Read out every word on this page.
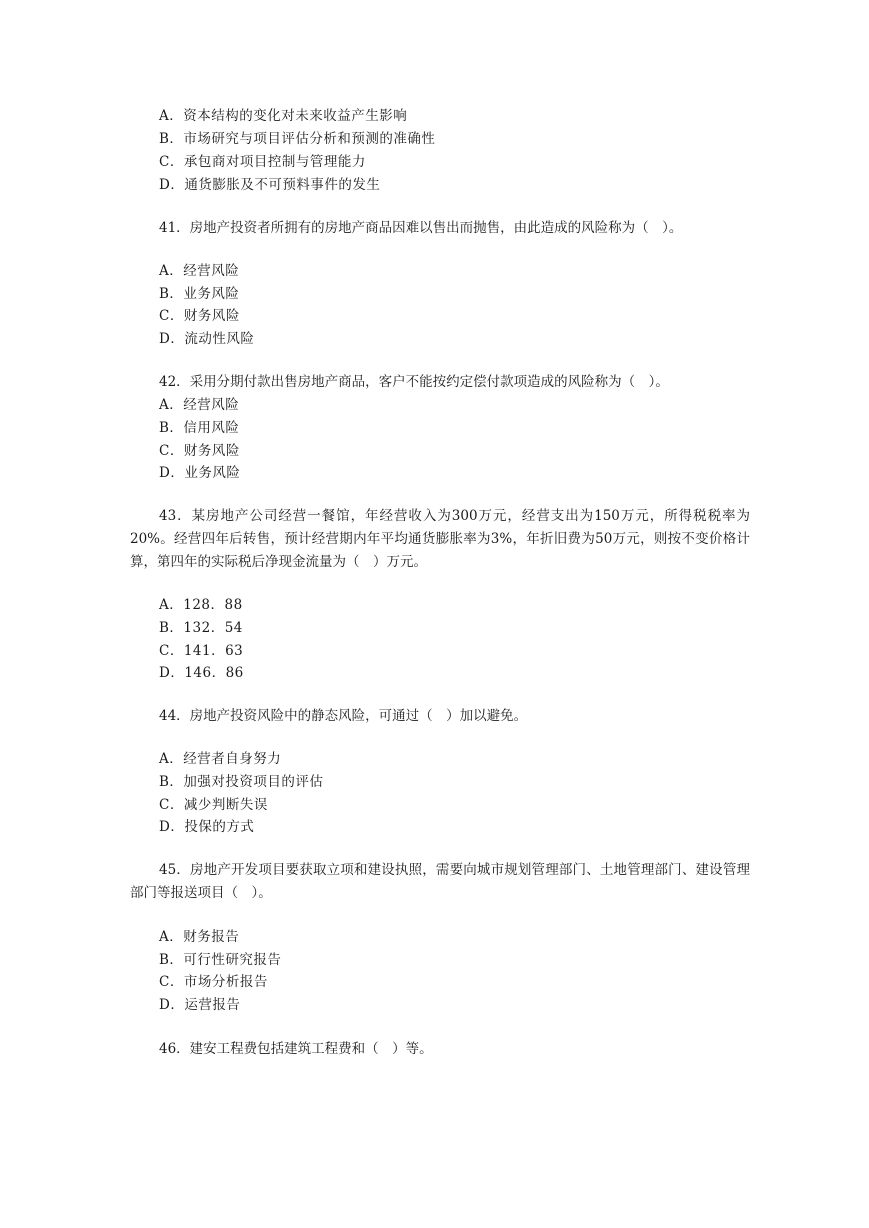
A．资本结构的变化对未来收益产生影响
B．市场研究与项目评估分析和预测的准确性
C．承包商对项目控制与管理能力
D．通货膨胀及不可预料事件的发生
41．房地产投资者所拥有的房地产商品因难以售出而抛售，由此造成的风险称为（　）。
A．经营风险
B．业务风险
C．财务风险
D．流动性风险
42．采用分期付款出售房地产商品，客户不能按约定偿付款项造成的风险称为（　）。
A．经营风险
B．信用风险
C．财务风险
D．业务风险
43．某房地产公司经营一餐馆，年经营收入为300万元，经营支出为150万元，所得税税率为20%。经营四年后转售，预计经营期内年平均通货膨胀率为3%，年折旧费为50万元，则按不变价格计算，第四年的实际税后净现金流量为（　）万元。
A．128．88
B．132．54
C．141．63
D．146．86
44．房地产投资风险中的静态风险，可通过（　）加以避免。
A．经营者自身努力
B．加强对投资项目的评估
C．减少判断失误
D．投保的方式
45．房地产开发项目要获取立项和建设执照，需要向城市规划管理部门、土地管理部门、建设管理部门等报送项目（　）。
A．财务报告
B．可行性研究报告
C．市场分析报告
D．运营报告
46．建安工程费包括建筑工程费和（　）等。
